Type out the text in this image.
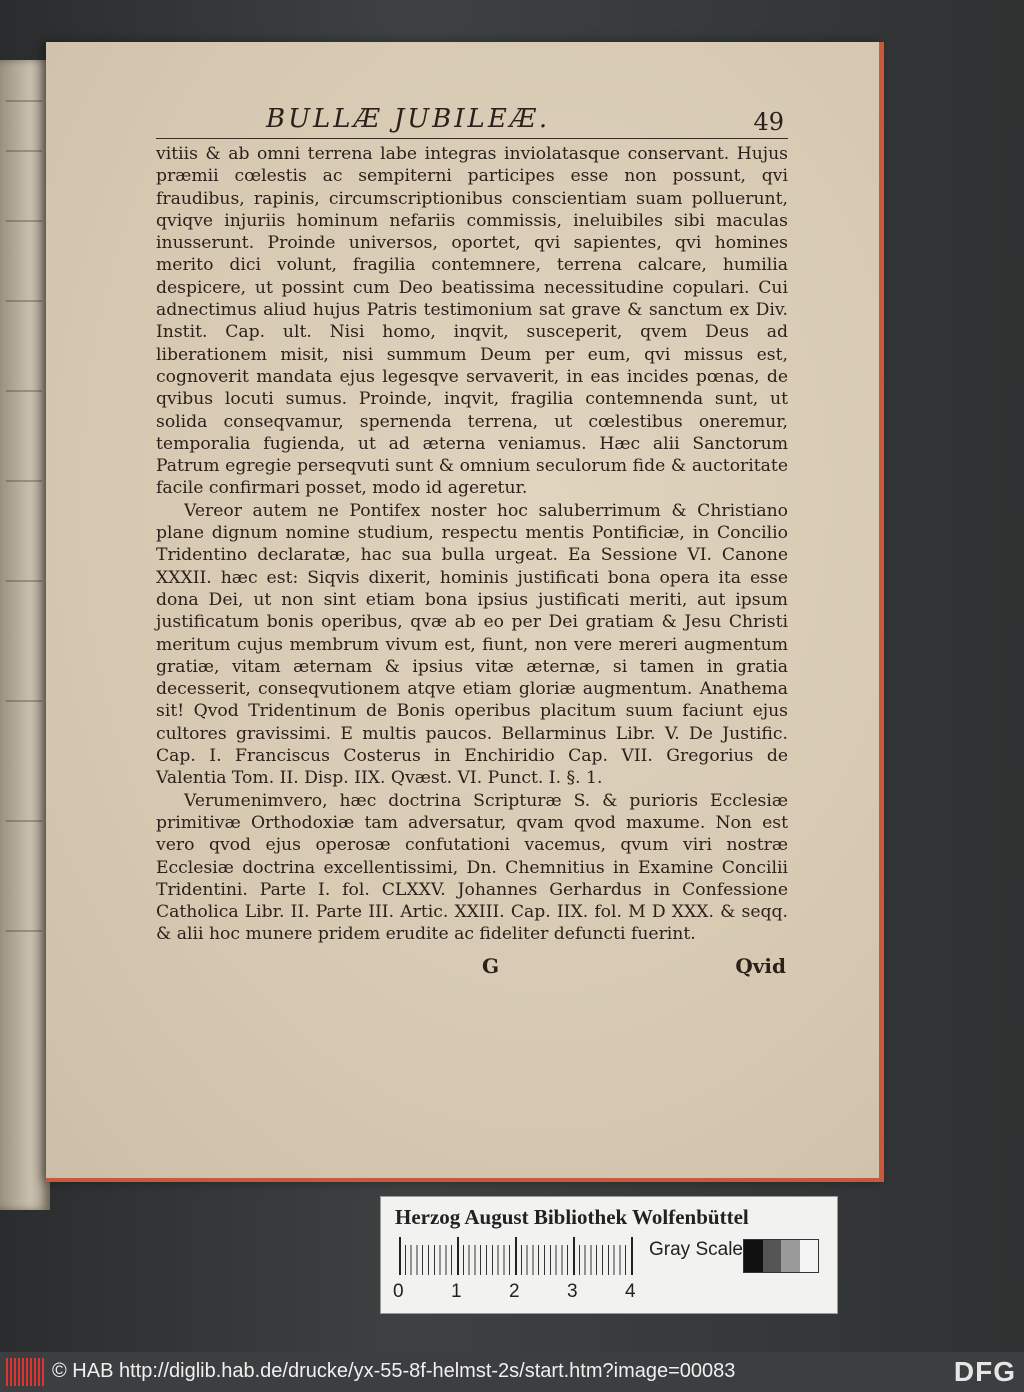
BULLÆ JUBILEÆ.	49

vitiis & ab omni terrena labe integras inviolatasque conservant. Hujus præmii cœlestis ac sempiterni participes esse non possunt, qvi fraudibus, rapinis, circumscriptionibus conscientiam suam polluerunt, qviqve injuriis hominum nefariis commissis, ineluibiles sibi maculas inusserunt. Proinde universos, oportet, qvi sapientes, qvi homines merito dici volunt, fragilia contemnere, terrena calcare, humilia despicere, ut possint cum Deo beatissima necessitudine copulari. Cui adnectimus aliud hujus Patris testimonium sat grave & sanctum ex Div. Instit. Cap. ult. Nisi homo, inqvit, susceperit, qvem Deus ad liberationem misit, nisi summum Deum per eum, qvi missus est, cognoverit mandata ejus legesqve servaverit, in eas incides pœnas, de qvibus locuti sumus. Proinde, inqvit, fragilia contemnenda sunt, ut solida conseqvamur, spernenda terrena, ut cœlestibus oneremur, temporalia fugienda, ut ad æterna veniamus. Hæc alii Sanctorum Patrum egregie perseqvuti sunt & omnium seculorum fide & auctoritate facile confirmari posset, modo id ageretur.

Vereor autem ne Pontifex noster hoc saluberrimum & Christiano plane dignum nomine studium, respectu mentis Pontificiæ, in Concilio Tridentino declaratæ, hac sua bulla urgeat. Ea Sessione VI. Canone XXXII. hæc est: Siqvis dixerit, hominis justificati bona opera ita esse dona Dei, ut non sint etiam bona ipsius justificati meriti, aut ipsum justificatum bonis operibus, qvæ ab eo per Dei gratiam & Jesu Christi meritum cujus membrum vivum est, fiunt, non vere mereri augmentum gratiæ, vitam æternam & ipsius vitæ æternæ, si tamen in gratia decesserit, conseqvutionem atqve etiam gloriæ augmentum. Anathema sit! Qvod Tridentinum de Bonis operibus placitum suum faciunt ejus cultores gravissimi. E multis paucos. Bellarminus Libr. V. De Justific. Cap. I. Franciscus Costerus in Enchiridio Cap. VII. Gregorius de Valentia Tom. II. Disp. IIX. Qvæst. VI. Punct. I. §. 1.

Verumenimvero, hæc doctrina Scripturæ S. & purioris Ecclesiæ primitivæ Orthodoxiæ tam adversatur, qvam qvod maxume. Non est vero qvod ejus operosæ confutationi vacemus, qvum viri nostræ Ecclesiæ doctrina excellentissimi, Dn. Chemnitius in Examine Concilii Tridentini. Parte I. fol. CLXXV. Johannes Gerhardus in Confessione Catholica Libr. II. Parte III. Artic. XXIII. Cap. IIX. fol. M D XXX. & seqq. & alii hoc munere pridem erudite ac fideliter defuncti fuerint.

G	Qvid
Herzog August Bibliothek Wolfenbüttel
0 1 2 3 4
Gray Scale
© HAB http://diglib.hab.de/drucke/yx-55-8f-helmst-2s/start.htm?image=00083	DFG
